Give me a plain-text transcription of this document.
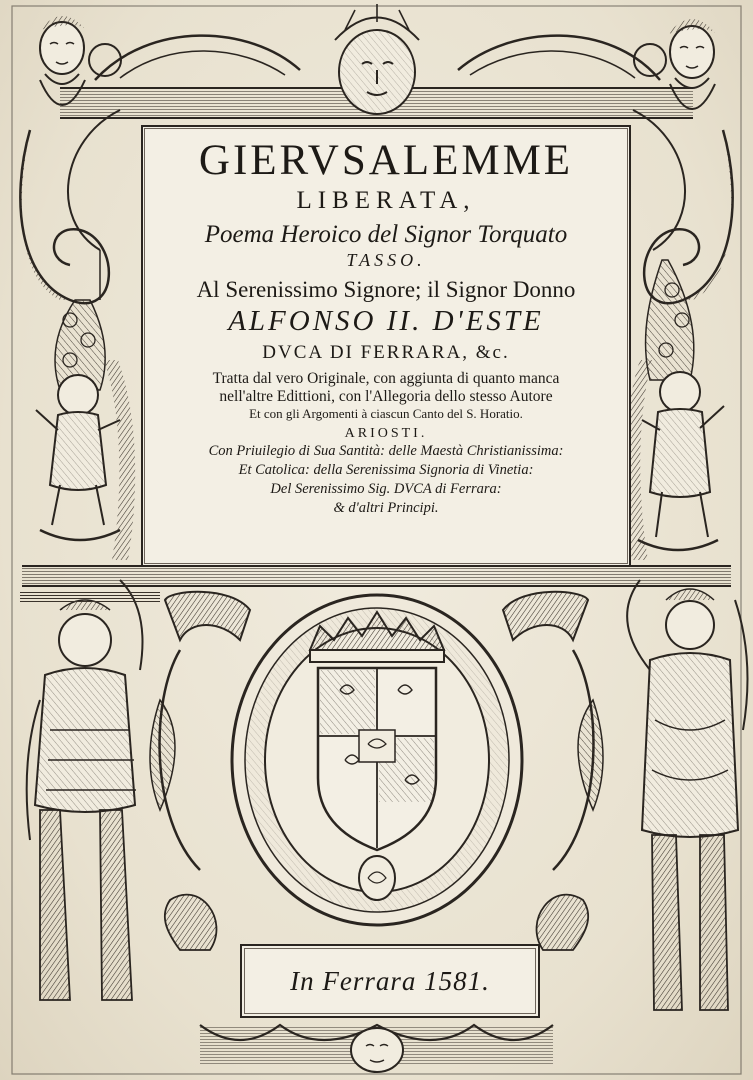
GIERVSALEMME
LIBERATA,
Poema Heroico del Signor Torquato
TASSO.
Al Serenissimo Signore; il Signor Donno
ALFONSO II. D'ESTE
DVCA DI FERRARA, &c.
Tratta dal vero Originale, con aggiunta di quanto manca
nell'altre Edittioni, con l'Allegoria dello stesso Autore
Et con gli Argomenti à ciascun Canto del S. Horatio.
ARIOSTI.
Con Priuilegio di Sua Santità: delle Maestà Christianissima:
Et Catolica: della Serenissima Signoria di Vinetia:
Del Serenissimo Sig. DVCA di Ferrara:
& d'altri Principi.
In Ferrara 1581.
